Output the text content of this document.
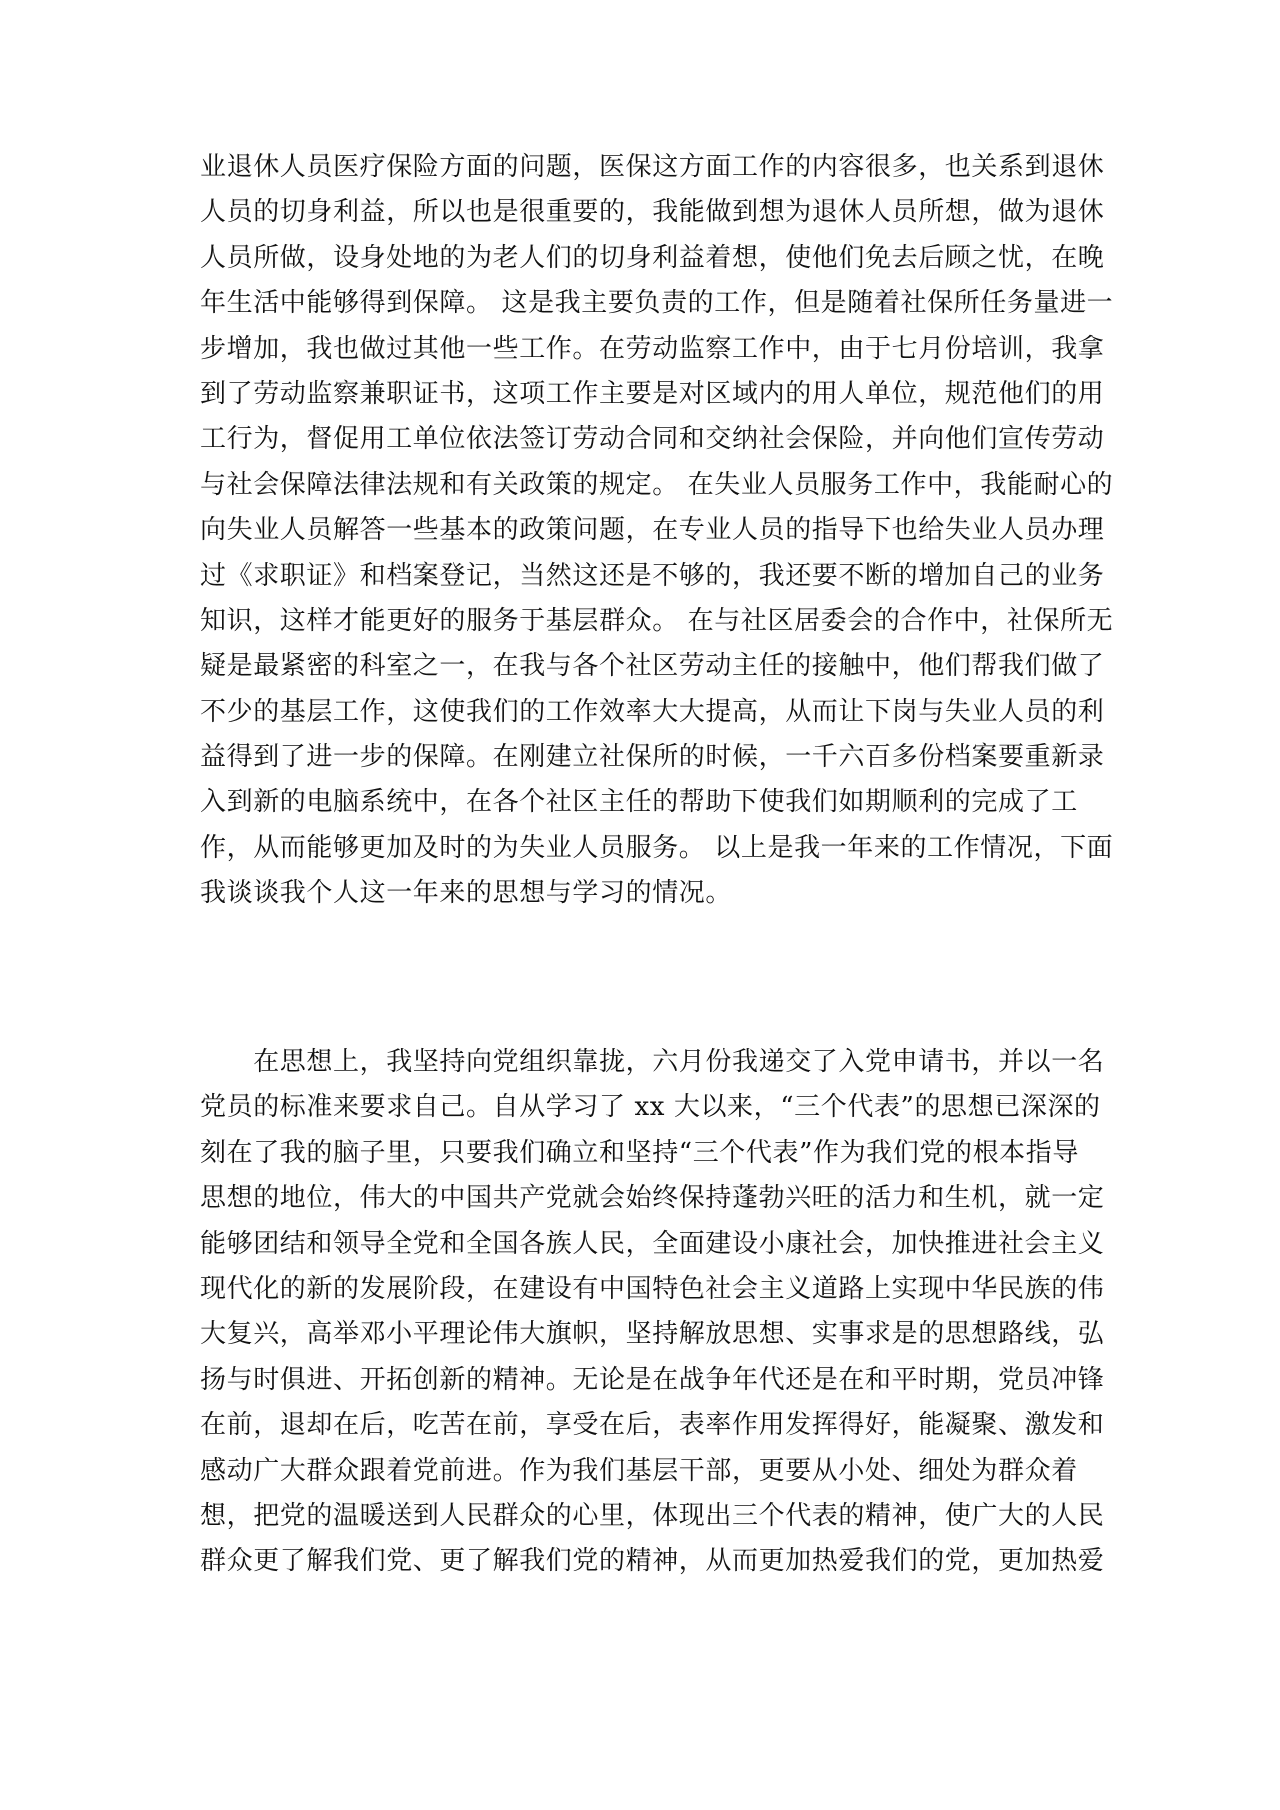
业退休人员医疗保险方面的问题，医保这方面工作的内容很多，也关系到退休
人员的切身利益，所以也是很重要的，我能做到想为退休人员所想，做为退休
人员所做，设身处地的为老人们的切身利益着想，使他们免去后顾之忧，在晚
年生活中能够得到保障。 这是我主要负责的工作，但是随着社保所任务量进一
步增加，我也做过其他一些工作。在劳动监察工作中，由于七月份培训，我拿
到了劳动监察兼职证书，这项工作主要是对区域内的用人单位，规范他们的用
工行为，督促用工单位依法签订劳动合同和交纳社会保险，并向他们宣传劳动
与社会保障法律法规和有关政策的规定。 在失业人员服务工作中，我能耐心的
向失业人员解答一些基本的政策问题，在专业人员的指导下也给失业人员办理
过《求职证》和档案登记，当然这还是不够的，我还要不断的增加自己的业务
知识，这样才能更好的服务于基层群众。 在与社区居委会的合作中，社保所无
疑是最紧密的科室之一，在我与各个社区劳动主任的接触中，他们帮我们做了
不少的基层工作，这使我们的工作效率大大提高，从而让下岗与失业人员的利
益得到了进一步的保障。在刚建立社保所的时候，一千六百多份档案要重新录
入到新的电脑系统中，在各个社区主任的帮助下使我们如期顺利的完成了工
作，从而能够更加及时的为失业人员服务。 以上是我一年来的工作情况，下面
我谈谈我个人这一年来的思想与学习的情况。
　　在思想上，我坚持向党组织靠拢，六月份我递交了入党申请书，并以一名
党员的标准来要求自己。自从学习了 xx 大以来，“三个代表”的思想已深深的
刻在了我的脑子里，只要我们确立和坚持“三个代表”作为我们党的根本指导
思想的地位，伟大的中国共产党就会始终保持蓬勃兴旺的活力和生机，就一定
能够团结和领导全党和全国各族人民，全面建设小康社会，加快推进社会主义
现代化的新的发展阶段，在建设有中国特色社会主义道路上实现中华民族的伟
大复兴，高举邓小平理论伟大旗帜，坚持解放思想、实事求是的思想路线，弘
扬与时俱进、开拓创新的精神。无论是在战争年代还是在和平时期，党员冲锋
在前，退却在后，吃苦在前，享受在后，表率作用发挥得好，能凝聚、激发和
感动广大群众跟着党前进。作为我们基层干部，更要从小处、细处为群众着
想，把党的温暖送到人民群众的心里，体现出三个代表的精神，使广大的人民
群众更了解我们党、更了解我们党的精神，从而更加热爱我们的党，更加热爱
